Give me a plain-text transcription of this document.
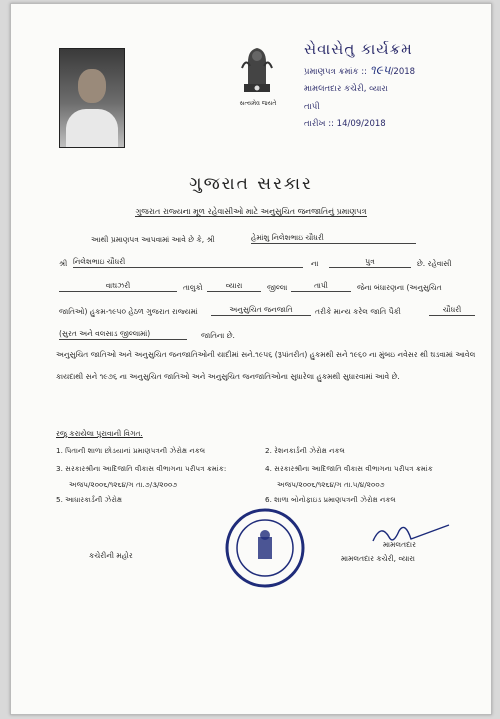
સત્યમેવ જયતે
સેવાસેતુ કાર્યક્રમ
પ્રમાણપત્ર ક્રમાંક :: ૧૯૫/2018
મામલતદાર કચેરી, વ્યારા
તાપી
તારીખ :: 14/09/2018
ગુજરાત સરકાર
ગુજરાત રાજ્યના મૂળ રહેવાસીઓ માટે અનુસુચિત જનજાતિનું પ્રમાણપત્ર
આથી પ્રમાણપત્ર આપવામાં આવે છે કે, શ્રી	હેમાંશુ નિલેશભાઇ ચૌધરી
શ્રી નિલેશભાઇ ચૌધરી	ના	પુત્ર	છે. રહેવાસી
વાઘઝરી	તાલુકો	વ્યારા	જીલ્લા	તાપી	જેના બંધારણના (અનુસુચિત
જાતિઓ) હુકમ-૧૯૫૦ હેઠળ ગુજરાત રાજ્યમાં	અનુસુચિત જનજાતિ	તરીકે માન્ય કરેલ જાતિ પૈકી	ચૌધરી
(સુરત અને વલસાડ જીલ્લામાં)	જાતિના છે.
અનુસુચિત જાતિઓ અને અનુસુચિત જનજાતિઓની યાદીમાં સને.૧૯૫૬ (રૂપાંતરીત) હુકમથી સને ૧૯૬૦ ના મુંબઇ નવેસર થી ઘડવામાં આવેલ કાયદાથી સને ૧૯૭૬ ના અનુસુચિત જાતિઓ અને અનુસુચિત જનજાતિઓના સુધારેલા હુકમથી સુધારવામાં આવે છે.
રજુ કરાયેલા પુરાવાની વિગત.
1. પિતાની શાળા છોડયાનાં પ્રમાણપત્રની ઝેરોક્ષ નકલ	2. રેશનકાર્ડની ઝેરોક્ષ નકલ
3. સરકારશ્રીના આદિજાતિ વીકાસ વીભાગના પરીપત્ર ક્રમાંક:	4. સરકારશ્રીના આદિજાતિ વીકાસ વીભાગના પરીપત્ર ક્રમાંક
અજપ/૨૦૦૬/૧૨૬૪/ગ તા.૭/૩/૨૦૦૭	અજપ/૨૦૦૬/૧૨૬૪/ગ તા.૫/૪/૨૦૦૭
5. આધારકાર્ડની ઝેરોક્ષ	6. શાળા બોનોફાઇડ પ્રમાણપત્રની ઝેરોક્ષ નકલ
કચેરીની મહોર
મામલતદાર
મામલતદાર કચેરી, વ્યારા
